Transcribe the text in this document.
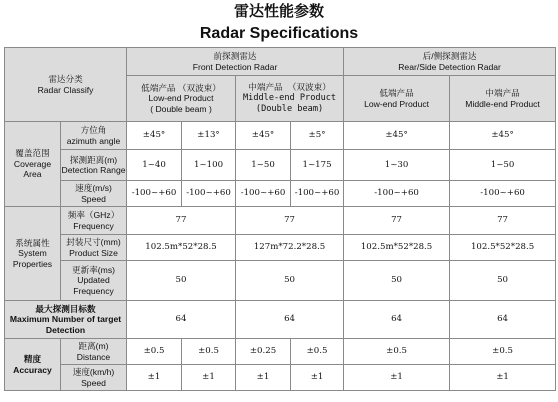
雷达性能参数
Radar Specifications
雷达分类
Radar Classify		前探测雷达
Front Detection Radar				后/侧探测雷达
Rear/Side Detection Radar	

		低端产品 （双波束）
Low-end Product
( Double beam )		中端产品 （双波束）
Middle-end Product
(Double beam)		低端产品
Low-end Product	中端产品
Middle-end Product

覆盖范围
Coverage
Area	方位角
azimuth angle	±45°	±13°	±45°	±5°	±45°	±45°

	探测距离(m)
Detection Range	1~40	1~100	1~50	1~175	1~30	1~50

	速度(m/s)
Speed	-100~+60	-100~+60	-100~+60	-100~+60	-100~+60	-100~+60

系统属性
System
Properties	频率（GHz）
Frequency	77		77		77	77

	封装尺寸(mm)
Product Size	102.5m*52*28.5		127m*72.2*28.5		102.5m*52*28.5	102.5*52*28.5

	更新率(ms)
Updated
Frequency	50		50		50	50

最大探测目标数
Maximum Number of target
Detection		64		64		64	64

精度
Accuracy	距离(m)
Distance	±0.5	±0.5	±0.25	±0.5	±0.5	±0.5

	速度(km/h)
Speed	±1	±1	±1	±1	±1	±1
